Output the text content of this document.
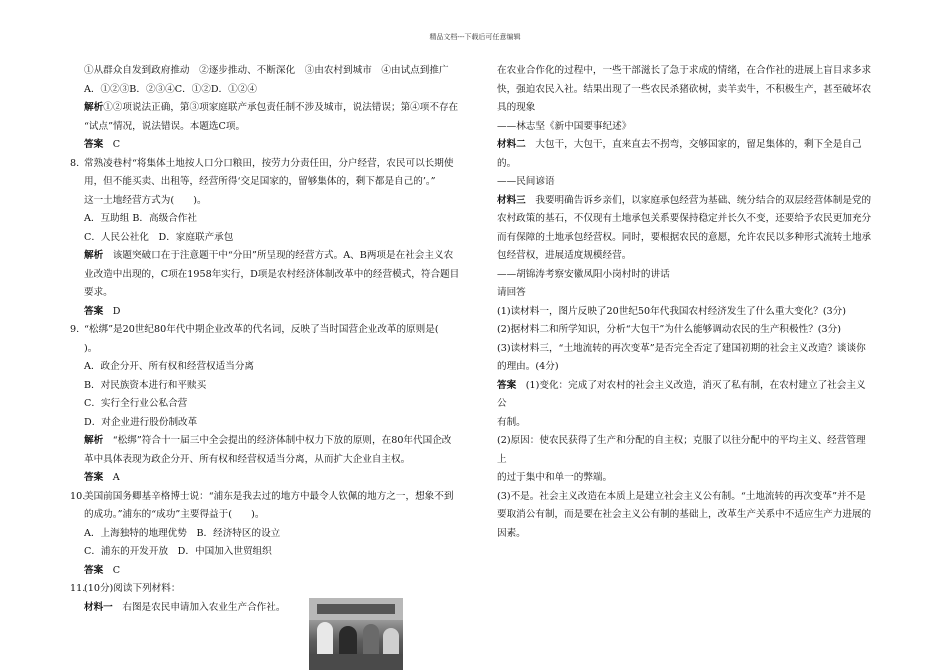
精品文档---下载后可任意编辑
①从群众自发到政府推动　②逐步推动、不断深化　③由农村到城市　④由试点到推广
A．①②③B．②③④C．①②D．①②④
解析①②项说法正确，第③项家庭联产承包责任制不涉及城市，说法错误；第④项不存在
“试点”情况，说法错误。本题选C项。
答案　 C
8. 常熟凌巷村“将集体土地按人口分口粮田，按劳力分责任田，分户经营，农民可以长期使
用，但不能买卖、出租等，经营所得‘交足国家的，留够集体的，剩下都是自己的’。”
这一土地经营方式为(　　)。
A．互助组 B．高级合作社
C．人民公社化　D．家庭联产承包
解析　 该题突破口在于注意题干中“分田”所呈现的经营方式。A、B两项是在社会主义农
业改造中出现的，C项在1958年实行，D项是农村经济体制改革中的经营模式，符合题目
要求。
答案　 D
9. “松绑”是20世纪80年代中期企业改革的代名词，反映了当时国营企业改革的原则是(
)。
A．政企分开、所有权和经营权适当分离
B．对民族资本进行和平赎买
C．实行全行业公私合营
D．对企业进行股份制改革
解析　 “松绑”符合十一届三中全会提出的经济体制中权力下放的原则，在80年代国企改
革中具体表现为政企分开、所有权和经营权适当分离，从而扩大企业自主权。
答案　 A
10.
美国前国务卿基辛格博士说：“浦东是我去过的地方中最令人钦佩的地方之一，想象不到
的成功。”浦东的“成功”主要得益于(　　)。
A．上海独特的地理优势　B．经济特区的设立
C．浦东的开发开放　D．中国加入世贸组织
答案　 C
11.
(10分)阅读下列材料：
材料一　 右图是农民申请加入农业生产合作社。
在农业合作化的过程中，一些干部滋长了急于求成的情绪，在合作社的进展上盲目求多求
快，强迫农民入社。结果出现了一些农民杀猪砍树，卖羊卖牛，不积极生产，甚至破坏农
具的现象
——林志坚《新中国要事纪述》
材料二　 大包干，大包干，直来直去不拐弯，交够国家的，留足集体的，剩下全是自己的。
——民间谚语
材料三　 我要明确告诉乡亲们，以家庭承包经营为基础、统分结合的双层经营体制是党的
农村政策的基石，不仅现有土地承包关系要保持稳定并长久不变，还要给予农民更加充分
而有保障的土地承包经营权。同时，要根据农民的意愿，允许农民以多种形式流转土地承
包经营权，进展适度规模经营。
——胡锦涛考察安徽凤阳小岗村时的讲话
请回答
(1)读材料一，图片反映了20世纪50年代我国农村经济发生了什么重大变化？(3分)
(2)据材料二和所学知识，分析“大包干”为什么能够调动农民的生产积极性？(3分)
(3)读材料三，“土地流转的再次变革”是否完全否定了建国初期的社会主义改造？谈谈你
的理由。(4分)
答案　 (1)变化：完成了对农村的社会主义改造，消灭了私有制，在农村建立了社会主义公
有制。
(2)原因：使农民获得了生产和分配的自主权；克服了以往分配中的平均主义、经营管理上
的过于集中和单一的弊端。
(3)不是。社会主义改造在本质上是建立社会主义公有制。“土地流转的再次变革”并不是
要取消公有制，而是要在社会主义公有制的基础上，改革生产关系中不适应生产力进展的
因素。
